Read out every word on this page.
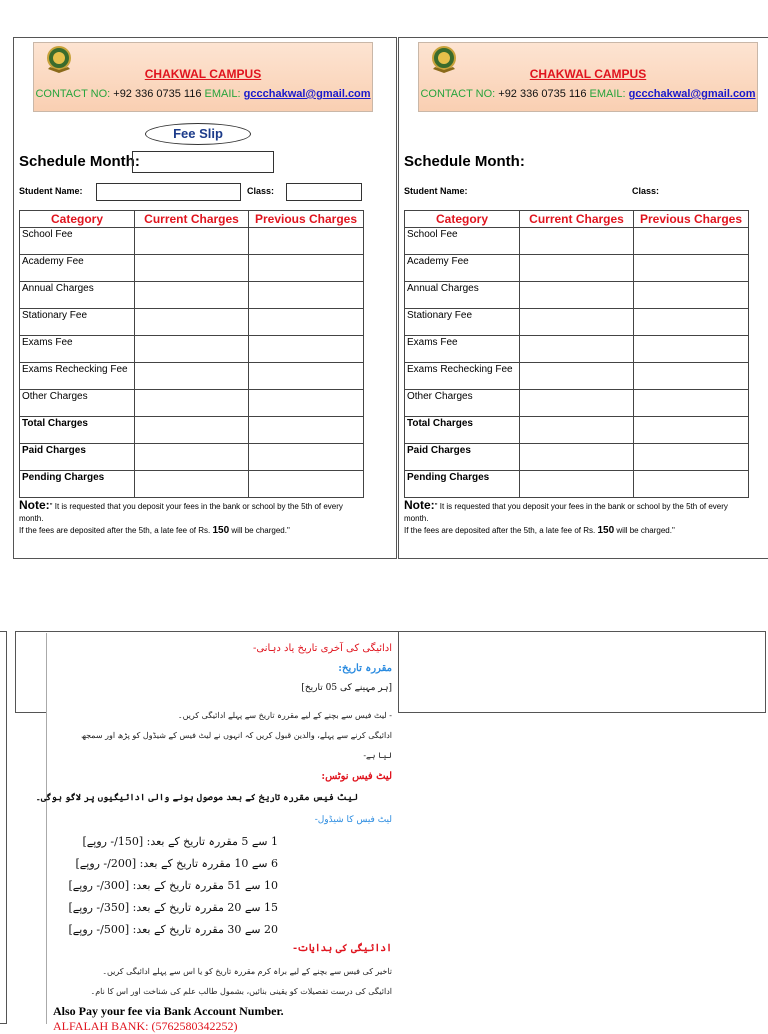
CHAKWAL CAMPUS
CONTACT NO: +92 336 0735 116 EMAIL: gccchakwal@gmail.com
Fee Slip
Schedule Month:
Student Name:	Class:
Category	Current Charges	Previous Charges
School Fee		
Academy Fee		
Annual Charges		
Stationary Fee		
Exams Fee		
Exams Rechecking Fee		
Other Charges		
Total Charges		
Paid Charges		
Pending Charges		
Note:" It is requested that you deposit your fees in the bank or school by the 5th of every month.
If the fees are deposited after the 5th, a late fee of Rs. 150 will be charged."
CHAKWAL CAMPUS
CONTACT NO: +92 336 0735 116 EMAIL: gccchakwal@gmail.com
Schedule Month:
Student Name:	Class:
Category	Current Charges	Previous Charges
School Fee		
Academy Fee		
Annual Charges		
Stationary Fee		
Exams Fee		
Exams Rechecking Fee		
Other Charges		
Total Charges		
Paid Charges		
Pending Charges		
Note:" It is requested that you deposit your fees in the bank or school by the 5th of every month.
If the fees are deposited after the 5th, a late fee of Rs. 150 will be charged."
ادائیگی کی آخری تاریخ یاد دہانی-
مقررہ تاریخ:
[ہر مہینے کی 05 تاریخ]
- لیٹ فیس سے بچنے کے لیے مقررہ تاریخ سے پہلے ادائیگی کریں۔
ادائیگی کرنے سے پہلے، والدین قبول کریں کہ انہوں نے لیٹ فیس کے شیڈول کو پڑھ اور سمجھ
لیا ہے-
لیٹ فیس نوٹس:
لیٹ فیس مقررہ تاریخ کے بعد موصول ہونے والی ادائیگیوں پر لاگو ہوگی۔
لیٹ فیس کا شیڈول-
1 سے 5 مقررہ تاریخ کے بعد: [150/- روپے]
6 سے 10 مقررہ تاریخ کے بعد: [200/- روپے]
10 سے 51 مقررہ تاریخ کے بعد: [300/- روپے]
15 سے 20 مقررہ تاریخ کے بعد: [350/- روپے]
20 سے 30 مقررہ تاریخ کے بعد: [500/- روپے]
ادائیگی کی ہدایات-
تاخیر کی فیس سے بچنے کے لیے براہ کرم مقررہ تاریخ کو یا اس سے پہلے ادائیگی کریں۔
ادائیگی کی درست تفصیلات کو یقینی بنائیں، بشمول طالب علم کی شناخت اور اس کا نام۔
Also Pay your fee via Bank Account Number.
ALFALAH BANK: (5762580342252)
